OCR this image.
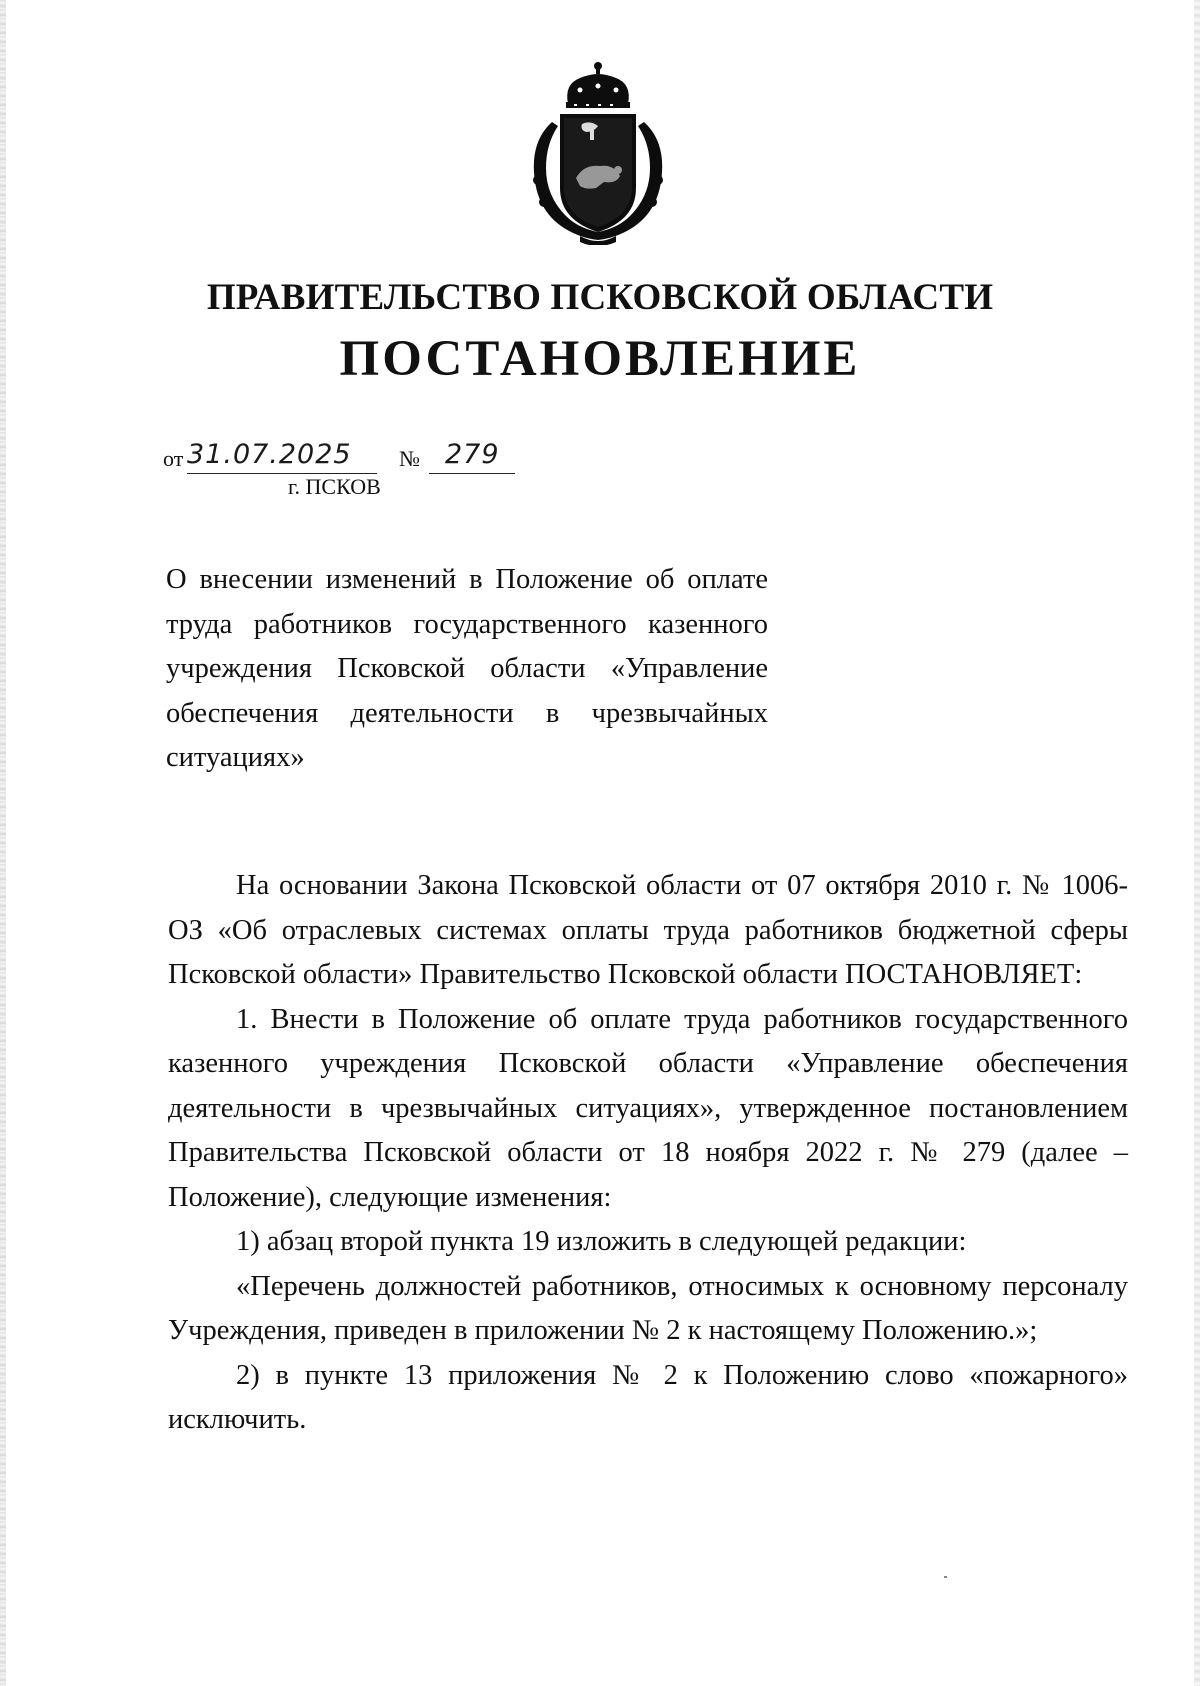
ПРАВИТЕЛЬСТВО ПСКОВСКОЙ ОБЛАСТИ
ПОСТАНОВЛЕНИЕ
от 31.07.2025 № 279
г. ПСКОВ
О внесении изменений в Положение об оплате труда работников государственного казенного учреждения Псковской области «Управление обеспечения деятельности в чрезвычайных ситуациях»

На основании Закона Псковской области от 07 октября 2010 г. № 1006-ОЗ «Об отраслевых системах оплаты труда работников бюджетной сферы Псковской области» Правительство Псковской области ПОСТАНОВЛЯЕТ:

1. Внести в Положение об оплате труда работников государственного казенного учреждения Псковской области «Управление обеспечения деятельности в чрезвычайных ситуациях», утвержденное постановлением Правительства Псковской области от 18 ноября 2022 г. № 279 (далее – Положение), следующие изменения:

1) абзац второй пункта 19 изложить в следующей редакции:

«Перечень должностей работников, относимых к основному персоналу Учреждения, приведен в приложении № 2 к настоящему Положению.»;

2) в пункте 13 приложения № 2 к Положению слово «пожарного» исключить.
